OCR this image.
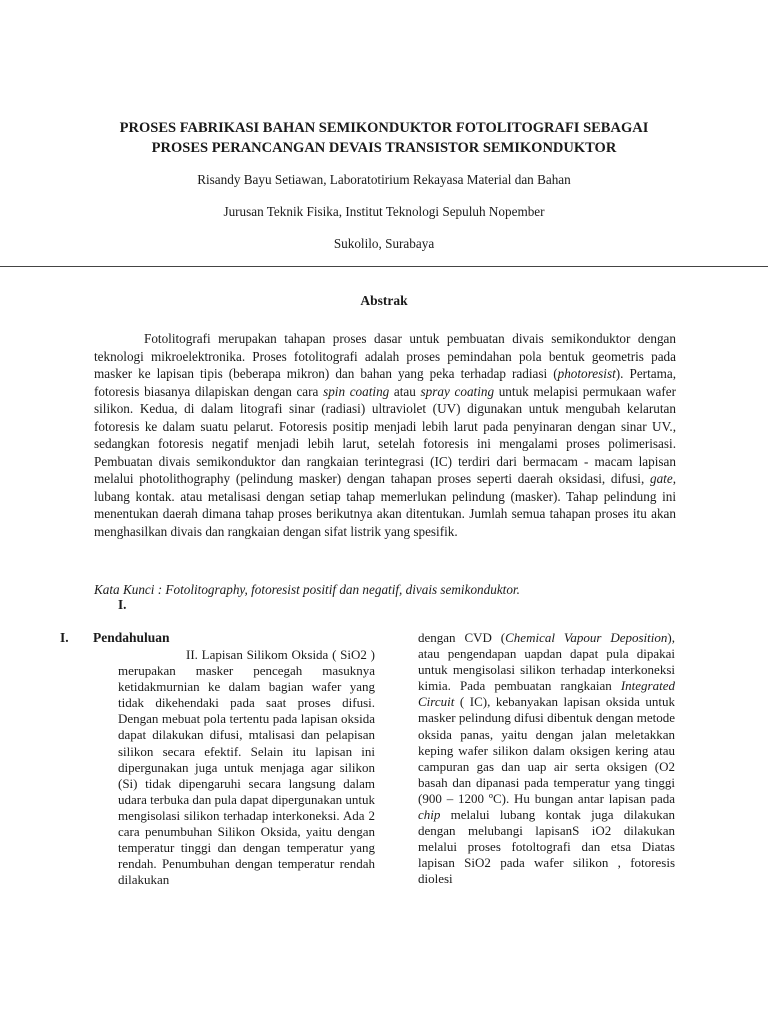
PROSES FABRIKASI BAHAN SEMIKONDUKTOR FOTOLITOGRAFI SEBAGAI
PROSES PERANCANGAN DEVAIS TRANSISTOR SEMIKONDUKTOR
Risandy Bayu Setiawan, Laboratotirium Rekayasa Material dan Bahan
Jurusan Teknik Fisika, Institut Teknologi Sepuluh Nopember
Sukolilo, Surabaya
Abstrak

Fotolitografi merupakan tahapan proses dasar untuk pembuatan divais semikonduktor dengan teknologi mikroelektronika. Proses fotolitografi adalah proses pemindahan pola bentuk geometris pada masker ke lapisan tipis (beberapa mikron) dan bahan yang peka terhadap radiasi (photoresist). Pertama, fotoresis biasanya dilapiskan dengan cara spin coating atau spray coating untuk melapisi permukaan wafer silikon. Kedua, di dalam litografi sinar (radiasi) ultraviolet (UV) digunakan untuk mengubah kelarutan fotoresis ke dalam suatu pelarut. Fotoresis positip menjadi lebih larut pada penyinaran dengan sinar UV., sedangkan fotoresis negatif menjadi lebih larut, setelah fotoresis ini mengalami proses polimerisasi. Pembuatan divais semikonduktor dan rangkaian terintegrasi (IC) terdiri dari bermacam - macam lapisan melalui photolithography (pelindung masker) dengan tahapan proses seperti daerah oksidasi, difusi, gate, lubang kontak. atau metalisasi dengan setiap tahap memerlukan pelindung (masker). Tahap pelindung ini menentukan daerah dimana tahap proses berikutnya akan ditentukan. Jumlah semua tahapan proses itu akan menghasilkan divais dan rangkaian dengan sifat listrik yang spesifik.

Kata Kunci : Fotolitography, fotoresist positif dan negatif, divais semikonduktor.
I.
I. Pendahuluan

II. Lapisan Silikom Oksida ( SiO2 ) merupakan masker pencegah masuknya ketidakmurnian ke dalam bagian wafer yang tidak dikehendaki pada saat proses difusi. Dengan mebuat pola tertentu pada lapisan oksida dapat dilakukan difusi, mtalisasi dan pelapisan silikon secara efektif. Selain itu lapisan ini dipergunakan juga untuk menjaga agar silikon (Si) tidak dipengaruhi secara langsung dalam udara terbuka dan pula dapat dipergunakan untuk mengisolasi silikon terhadap interkoneksi. Ada 2 cara penumbuhan Silikon Oksida, yaitu dengan temperatur tinggi dan dengan temperatur yang rendah. Penumbuhan dengan temperatur rendah dilakukan

dengan CVD (Chemical Vapour Deposition), atau pengendapan uapdan dapat pula dipakai untuk mengisolasi silikon terhadap interkoneksi kimia. Pada pembuatan rangkaian Integrated Circuit ( IC), kebanyakan lapisan oksida untuk masker pelindung difusi dibentuk dengan metode oksida panas, yaitu dengan jalan meletakkan keping wafer silikon dalam oksigen kering atau campuran gas dan uap air serta oksigen (O2 basah dan dipanasi pada temperatur yang tinggi (900 – 1200 ºC). Hu bungan antar lapisan pada chip melalui lubang kontak juga dilakukan dengan melubangi lapisanS iO2 dilakukan melalui proses fotoltografi dan etsa Diatas lapisan SiO2 pada wafer silikon , fotoresis diolesi
